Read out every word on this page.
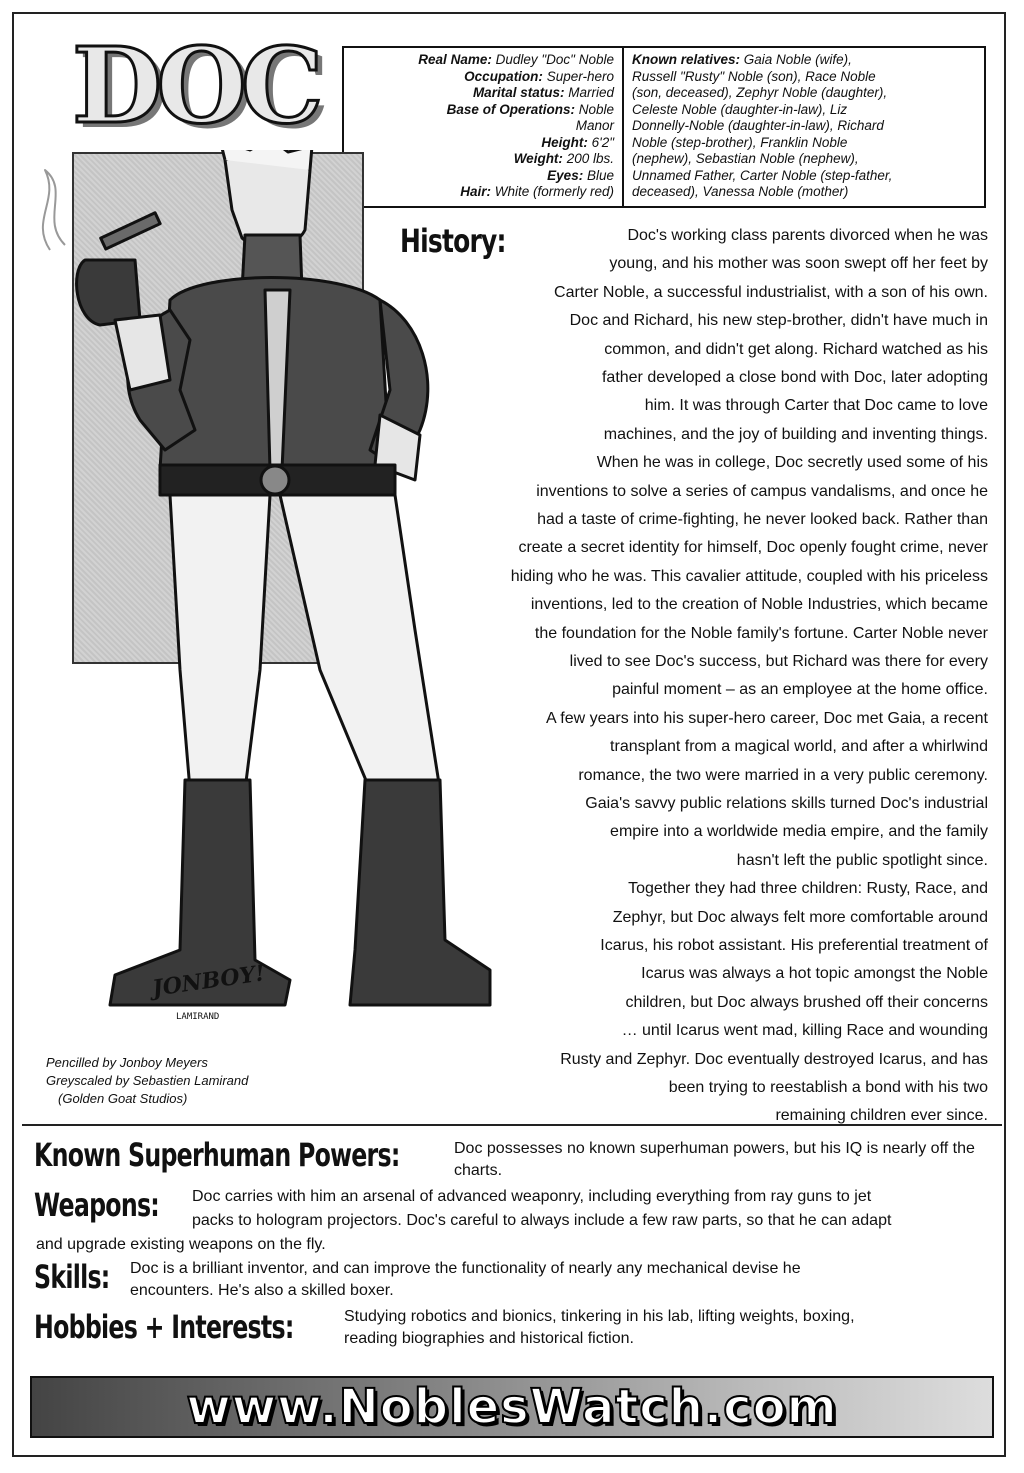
DOC	Real Name: Dudley "Doc" Noble
Occupation: Super-hero
Marital status: Married
Base of Operations: Noble
Manor
Height: 6'2"
Weight: 200 lbs.
Eyes: Blue
Hair: White (formerly red)
Known relatives: Gaia Noble (wife),
Russell "Rusty" Noble (son), Race Noble
(son, deceased), Zephyr Noble (daughter),
Celeste Noble (daughter-in-law), Liz
Donnelly-Noble (daughter-in-law), Richard
Noble (step-brother), Franklin Noble
(nephew), Sebastian Noble (nephew),
Unnamed Father, Carter Noble (step-father,
deceased), Vanessa Noble (mother)
JONBOY!
LAMIRAND
Pencilled by Jonboy Meyers
Greyscaled by Sebastien Lamirand
(Golden Goat Studios)
History:	Doc's working class parents divorced when he was
young, and his mother was soon swept off her feet by
Carter Noble, a successful industrialist, with a son of his own.
Doc and Richard, his new step-brother, didn't have much in
common, and didn't get along. Richard watched as his
father developed a close bond with Doc, later adopting
him. It was through Carter that Doc came to love
machines, and the joy of building and inventing things.
When he was in college, Doc secretly used some of his
inventions to solve a series of campus vandalisms, and once he
had a taste of crime-fighting, he never looked back. Rather than
create a secret identity for himself, Doc openly fought crime, never
hiding who he was. This cavalier attitude, coupled with his priceless
inventions, led to the creation of Noble Industries, which became
the foundation for the Noble family's fortune. Carter Noble never
lived to see Doc's success, but Richard was there for every
painful moment – as an employee at the home office.
A few years into his super-hero career, Doc met Gaia, a recent
transplant from a magical world, and after a whirlwind
romance, the two were married in a very public ceremony.
Gaia's savvy public relations skills turned Doc's industrial
empire into a worldwide media empire, and the family
hasn't left the public spotlight since.
Together they had three children: Rusty, Race, and
Zephyr, but Doc always felt more comfortable around
Icarus, his robot assistant. His preferential treatment of
Icarus was always a hot topic amongst the Noble
children, but Doc always brushed off their concerns
… until Icarus went mad, killing Race and wounding
Rusty and Zephyr. Doc eventually destroyed Icarus, and has
been trying to reestablish a bond with his two
remaining children ever since.
Known Superhuman Powers:	Doc possesses no known superhuman powers, but his IQ is nearly off the charts.
Weapons: Doc carries with him an arsenal of advanced weaponry, including everything from ray guns to jet
packs to hologram projectors. Doc's careful to always include a few raw parts, so that he can adapt
and upgrade existing weapons on the fly.
Skills: Doc is a brilliant inventor, and can improve the functionality of nearly any mechanical devise he
encounters. He's also a skilled boxer.
Hobbies + Interests:	Studying robotics and bionics, tinkering in his lab, lifting weights, boxing,
reading biographies and historical fiction.
www.NoblesWatch.com
